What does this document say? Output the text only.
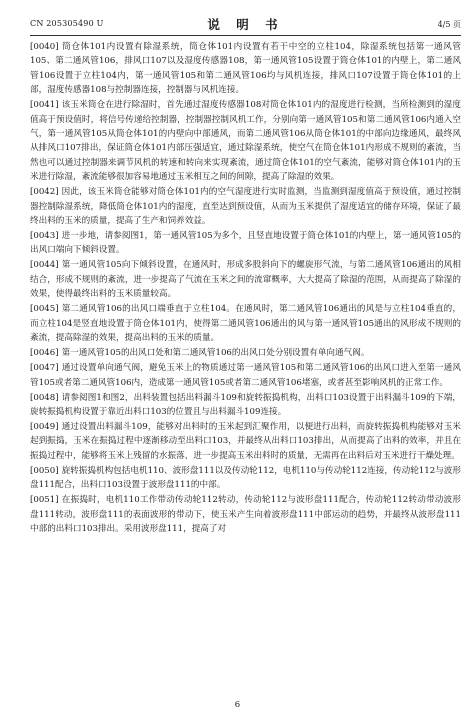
CN 205305490 U	说 明 书	4/5 页

[0040] 筒仓体101内设置有除湿系统，筒仓体101内设置有若干中空的立柱104，除湿系统包括第一通风管105、第二通风管106，排风口107以及湿度传感器108，第一通风管105设置于筒仓体101的内壁上，第二通风管106设置于立柱104内，第一通风管105和第二通风管106均与风机连接，排风口107设置于筒仓体101的上部，湿度传感器108与控制器连接，控制器与风机连接。

[0041] 该玉米筒仓在进行除湿时，首先通过湿度传感器108对筒仓体101内的湿度进行检测，当所检测到的湿度值高于预设值时，将信号传递给控制器，控制器控制风机工作，分别向第一通风管105和第二通风管106内通入空气，第一通风管105从筒仓体101的内壁向中部通风，而第二通风管106从筒仓体101的中部向边缘通风，最终风从排风口107排出，保证筒仓体101内部压强适宜，通过除湿系统，使空气在筒仓体101内形成不规则的紊流，当然也可以通过控制器来调节风机的转速和转向来实现紊流，通过筒仓体101的空气紊流，能够对筒仓体101内的玉米进行除湿，紊流能够很加容易地通过玉米相互之间的间隙，提高了除湿的效果。

[0042] 因此，该玉米筒仓能够对筒仓体101内的空气湿度进行实时监测，当监测到湿度值高于预设值，通过控制器控制除湿系统，降低筒仓体101内的湿度，直至达到预设值，从而为玉米提供了湿度适宜的储存环境，保证了最终出料的玉米的质量，提高了生产和饲养效益。

[0043] 进一步地，请参阅图1，第一通风管105为多个，且竖直地设置于筒仓体101的内壁上，第一通风管105的出风口端向下倾斜设置。

[0044] 第一通风管105向下倾斜设置，在通风时，形成多股斜向下的螺旋形气流，与第二通风管106通出的风相结合，形成不规则的紊流，进一步提高了气流在玉米之间的流窜概率，大大提高了除湿的范围，从而提高了除湿的效果，使得最终出料的玉米质量较高。

[0045] 第二通风管106的出风口端垂直于立柱104。在通风时，第二通风管106通出的风是与立柱104垂直的，而立柱104是竖直地设置于筒仓体101内，使得第二通风管106通出的风与第一通风管105通出的风形成不规则的紊流，提高除湿的效果，提高出料的玉米的质量。

[0046] 第一通风管105的出风口处和第二通风管106的出风口处分别设置有单向通气阀。

[0047] 通过设置单向通气阀，避免玉米上的物质通过第一通风管105和第二通风管106的出风口进入至第一通风管105或者第二通风管106内，造成第一通风管105或者第二通风管106堵塞，或者甚至影响风机的正常工作。

[0048] 请参阅图1和图2，出料装置包括出料漏斗109和旋转振捣机构，出料口103设置于出料漏斗109的下端，旋转振捣机构设置于靠近出料口103的位置且与出料漏斗109连接。

[0049] 通过设置出料漏斗109，能够对出料时的玉米起到汇聚作用，以便进行出料，而旋转振捣机构能够对玉米起到振捣，玉米在振捣过程中逐渐移动至出料口103，并最终从出料口103排出，从而提高了出料的效率，并且在振捣过程中，能够将玉米上残留的水振落，进一步提高玉米出料时的质量，无需再在出料后对玉米进行干燥处理。

[0050] 旋转振捣机构包括电机110、波形盘111以及传动轮112，电机110与传动轮112连接，传动轮112与波形盘111配合，出料口103设置于波形盘111的中部。

[0051] 在振捣时，电机110工作带动传动轮112转动，传动轮112与波形盘111配合，传动轮112转动带动波形盘111转动，波形盘111的表面波形的带动下，使玉米产生向着波形盘111中部运动的趋势，并最终从波形盘111中部的出料口103排出。采用波形盘111，提高了对

6
